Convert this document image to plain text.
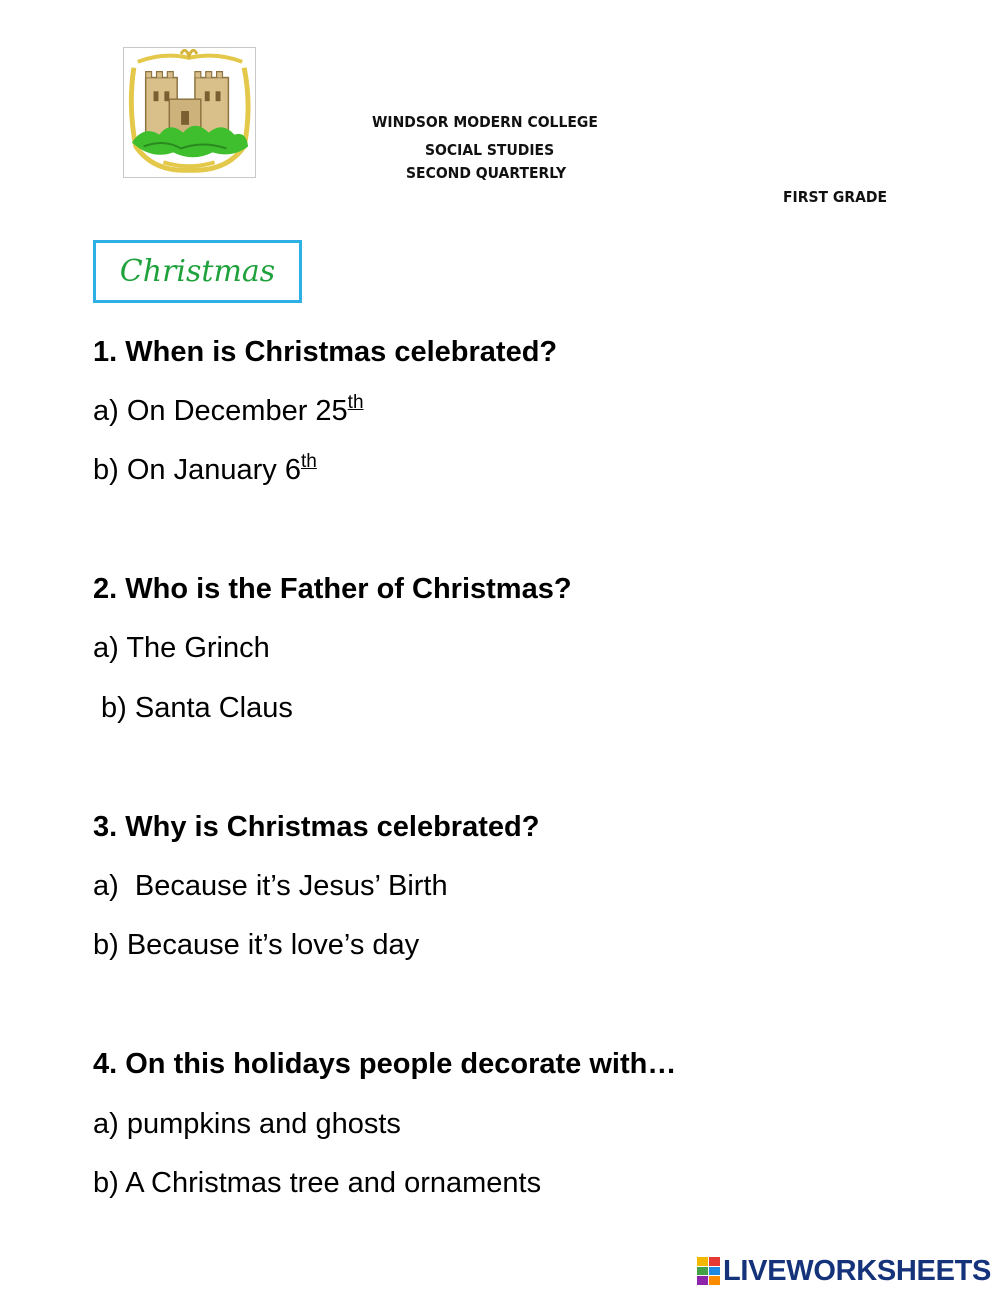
WINDSOR MODERN COLLEGE
SOCIAL STUDIES
SECOND QUARTERLY
FIRST GRADE
Christmas
1. When is Christmas celebrated?
a) On December 25th
b) On January 6th
2. Who is the Father of Christmas?
a) The Grinch
b) Santa Claus
3. Why is Christmas celebrated?
a)  Because it’s Jesus’ Birth
b) Because it’s love’s day
4. On this holidays people decorate with…
a) pumpkins and ghosts
b) A Christmas tree and ornaments
LIVEWORKSHEETS
